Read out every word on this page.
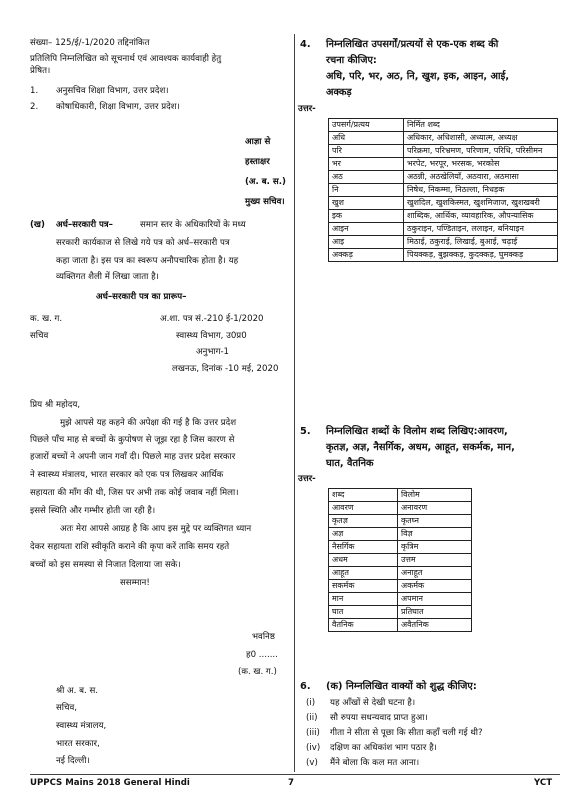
संख्या– 125/ई/-1/2020 तद्दिनांकित
प्रतिलिपि निम्नलिखित को सूचनार्थ एवं आवश्यक कार्यवाही हेतु
प्रेषित।
1. अनुसचिव शिक्षा विभाग, उत्तर प्रदेश।
2. कोषाधिकारी, शिक्षा विभाग, उत्तर प्रदेश।
आज्ञा से
हस्ताक्षर
(अ. ब. स.)
मुख्य सचिव।
(ख) अर्ध–सरकारी पत्र–	समान स्तर के अधिकारियों के मध्य
सरकारी कार्यकाज से लिखे गये पत्र को अर्ध–सरकारी पत्र
कहा जाता है। इस पत्र का स्वरूप अनौपचारिक होता है। यह
व्यक्तिगत शैली में लिखा जाता है।
अर्ध–सरकारी पत्र का प्रारूप–
क. ख. ग.	अ.शा. पत्र सं.-210 ई-1/2020
सचिव	स्वास्थ्य विभाग, उ0प्र0
अनुभाग-1
लखनऊ, दिनांक -10 मई, 2020
प्रिय श्री महोदय,
मुझे आपसे यह कहने की अपेक्षा की गई है कि उत्तर प्रदेश
पिछले पाँच माह से बच्चों के कुपोषण से जूझ रहा है जिस कारण से
हजारों बच्चों ने अपनी जान गवाँ दी। पिछले माह उत्तर प्रदेश सरकार
ने स्वास्थ्य मंत्रालय, भारत सरकार को एक पत्र लिखकर आर्थिक
सहायता की माँग की थी, जिस पर अभी तक कोई जवाब नहीं मिला।
इससे स्थिति और गम्भीर होती जा रही है।
अतः मेरा आपसे आग्रह है कि आप इस मुद्दे पर व्यक्तिगत ध्यान
देकर सहायता राशि स्वीकृति कराने की कृपा करें ताकि समय रहते
बच्चों को इस समस्या से निजात दिलाया जा सके।
ससम्मान!
भवनिष्ठ
ह0 .......
(क. ख. ग.)
श्री अ. ब. स.
सचिव,
स्वास्थ्य मंत्रालय,
भारत सरकार,
नई दिल्ली।
4. निम्नलिखित उपसर्गों/प्रत्ययों से एक-एक शब्द की
रचना कीजिए:
अधि, परि, भर, अठ, नि, खुश, इक, आइन, आई,
अक्कड़
उत्तर-
उपसर्ग/प्रत्यय	निर्मित शब्द
अधि	अधिकार, अधिशासी, अध्यात्म, अध्यक्ष
परि	परिक्रमा, परिभ्रमण, परिणाम, परिधि, परिसीमन
भर	भरपेट, भरपूर, भरसक, भरकोस
अठ	अठन्नी, अठखेलियाँ, अठवारा, अठमासा
नि	निषेध, निकम्मा, निठल्ला, निधड़क
खुश	खुशदिल, खुशकिस्मत, खुशमिजाज, खुशखबरी
इक	शाब्दिक, आर्थिक, व्यावहारिक, औपन्यासिक
आइन	ठकुराइन, पण्डिताइन, ललाइन, बनियाइन
आइ	मिठाई, ठकुराई, लिखाई, बुआई, चढ़ाई
अक्कड़	पियक्कड़, बुझक्कड़, कुदक्कड़, घुमक्कड़
5. निम्नलिखित शब्दों के विलोम शब्द लिखिए:आवरण,
कृतज्ञ, अज्ञ, नैसर्गिक, अधम, आहूत, सकर्मक, मान,
घात, वैतनिक
उत्तर-
शब्द	विलोम
आवरण	अनावरण
कृतज्ञ	कृतघ्न
अज्ञ	विज्ञ
नैसर्गिक	कृत्रिम
अधम	उत्तम
आहूत	अनाहूत
सकर्मक	अकर्मक
मान	अपमान
घात	प्रतिघात
वैतनिक	अवैतनिक
6. (क) निम्नलिखित वाक्यों को शुद्ध कीजिए:
(i) यह आँखों से देखी घटना है।
(ii) सौ रुपया सधन्यवाद प्राप्त हुआ।
(iii) गीता ने सीता से पूछा कि सीता कहाँ चली गई थी?
(iv) दक्षिण का अधिकांश भाग पठार है।
(v) मैंने बोला कि कल मत आना।
UPPCS Mains 2018 General Hindi	7	YCT
